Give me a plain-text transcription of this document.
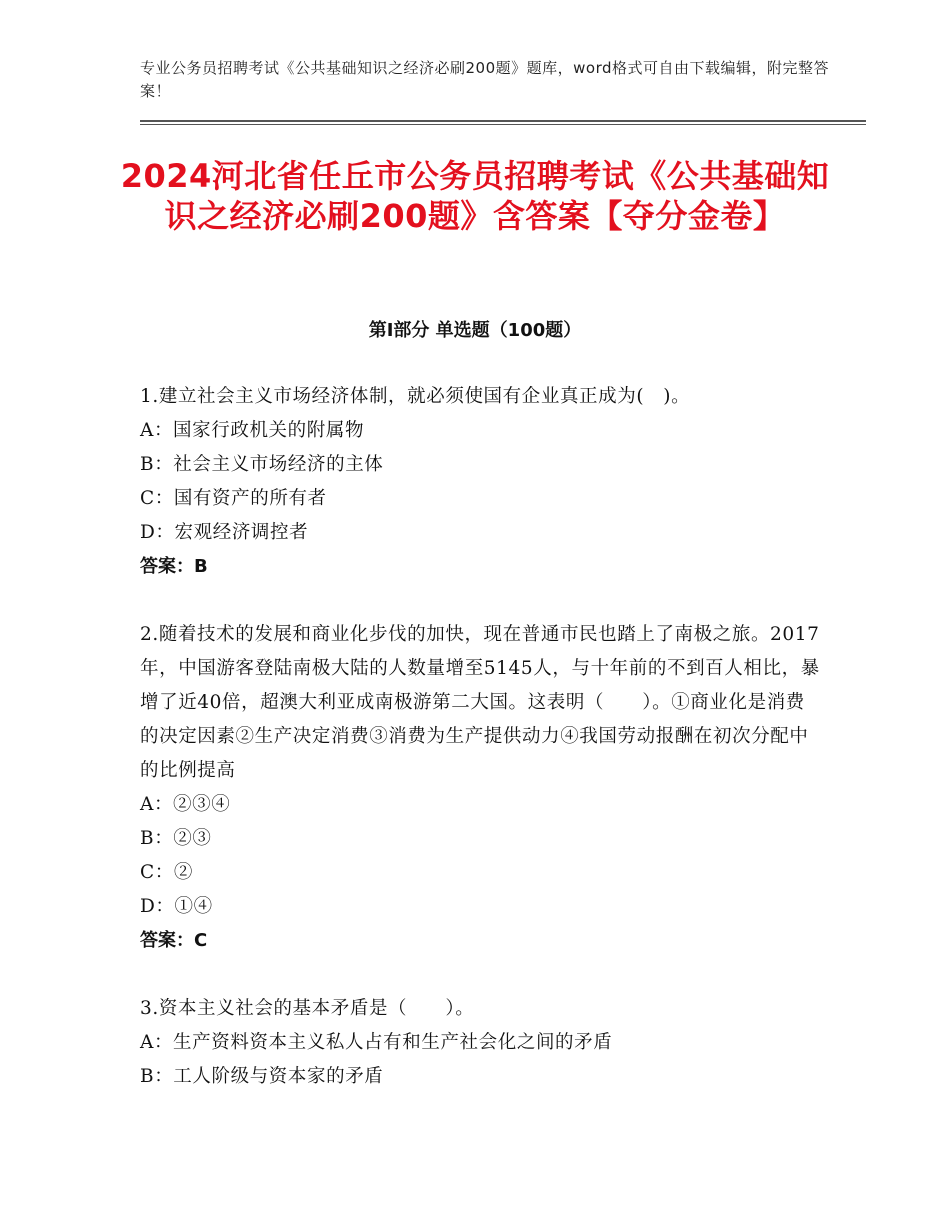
专业公务员招聘考试《公共基础知识之经济必刷200题》题库，word格式可自由下载编辑，附完整答案！
2024河北省任丘市公务员招聘考试《公共基础知识之经济必刷200题》含答案【夺分金卷】
第Ⅰ部分 单选题（100题）
1.建立社会主义市场经济体制，就必须使国有企业真正成为(　)。
A：国家行政机关的附属物
B：社会主义市场经济的主体
C：国有资产的所有者
D：宏观经济调控者
答案：B
2.随着技术的发展和商业化步伐的加快，现在普通市民也踏上了南极之旅。2017年，中国游客登陆南极大陆的人数量增至5145人，与十年前的不到百人相比，暴增了近40倍，超澳大利亚成南极游第二大国。这表明（　　）。①商业化是消费的决定因素②生产决定消费③消费为生产提供动力④我国劳动报酬在初次分配中的比例提高
A：②③④
B：②③
C：②
D：①④
答案：C
3.资本主义社会的基本矛盾是（　　）。
A：生产资料资本主义私人占有和生产社会化之间的矛盾
B：工人阶级与资本家的矛盾
